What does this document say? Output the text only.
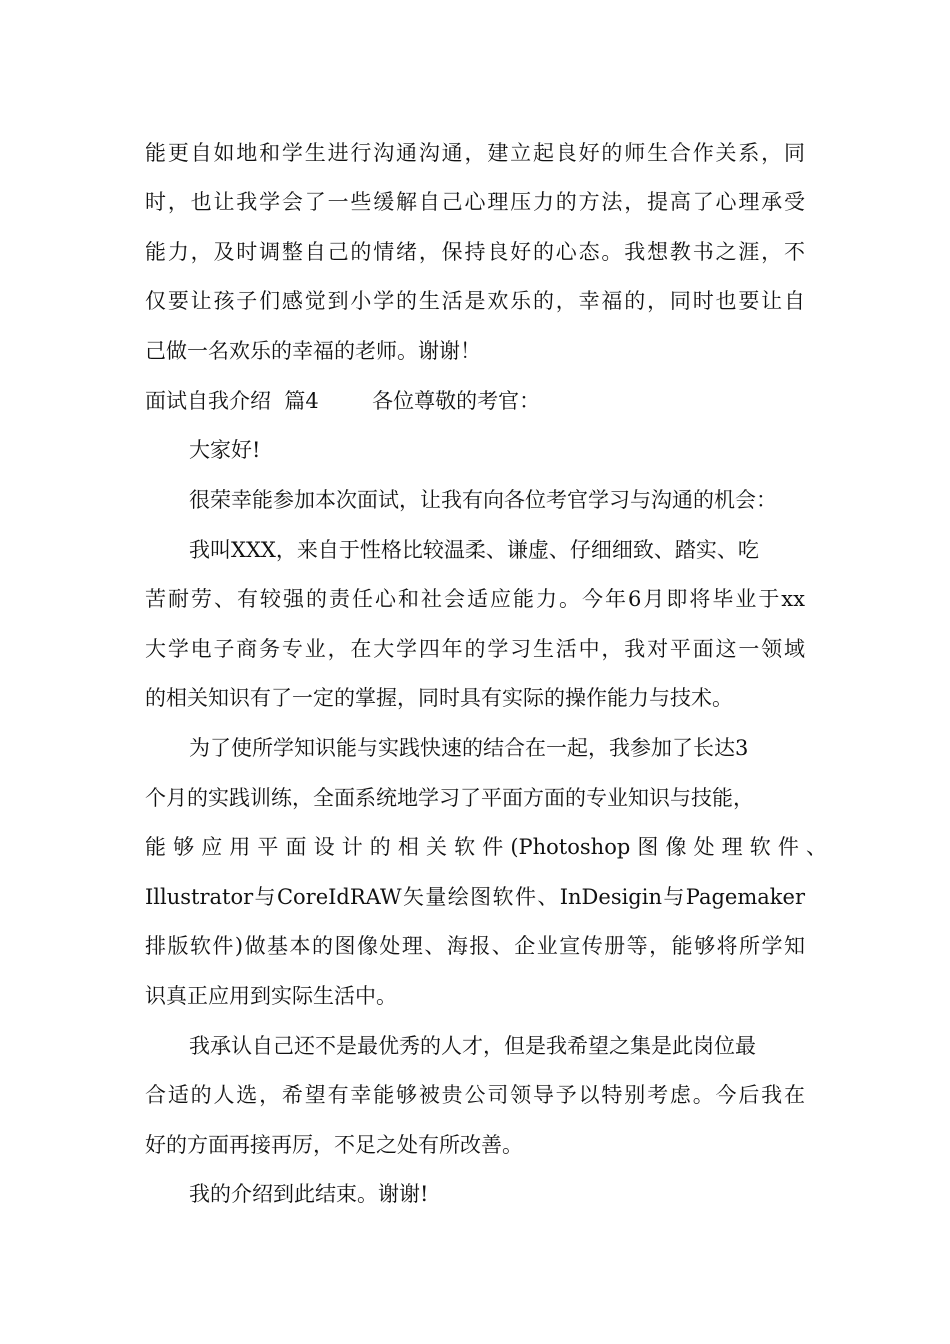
能更自如地和学生进行沟通沟通，建立起良好的师生合作关系，同
时，也让我学会了一些缓解自己心理压力的方法，提高了心理承受
能力，及时调整自己的情绪，保持良好的心态。我想教书之涯，不
仅要让孩子们感觉到小学的生活是欢乐的，幸福的，同时也要让自
己做一名欢乐的幸福的老师。谢谢！
面试自我介绍  篇4        各位尊敬的考官：
大家好!
很荣幸能参加本次面试，让我有向各位考官学习与沟通的机会：
我叫XXX，来自于性格比较温柔、谦虚、仔细细致、踏实、吃
苦耐劳、有较强的责任心和社会适应能力。今年6月即将毕业于xx
大学电子商务专业，在大学四年的学习生活中，我对平面这一领域
的相关知识有了一定的掌握，同时具有实际的操作能力与技术。
为了使所学知识能与实践快速的结合在一起，我参加了长达3
个月的实践训练，全面系统地学习了平面方面的专业知识与技能，
能够应用平面设计的相关软件(Photoshop图像处理软件、
Illustrator与CoreIdRAW矢量绘图软件、InDesigin与Pagemaker
排版软件)做基本的图像处理、海报、企业宣传册等，能够将所学知
识真正应用到实际生活中。
我承认自己还不是最优秀的人才，但是我希望之集是此岗位最
合适的人选，希望有幸能够被贵公司领导予以特别考虑。今后我在
好的方面再接再厉，不足之处有所改善。
我的介绍到此结束。谢谢!
